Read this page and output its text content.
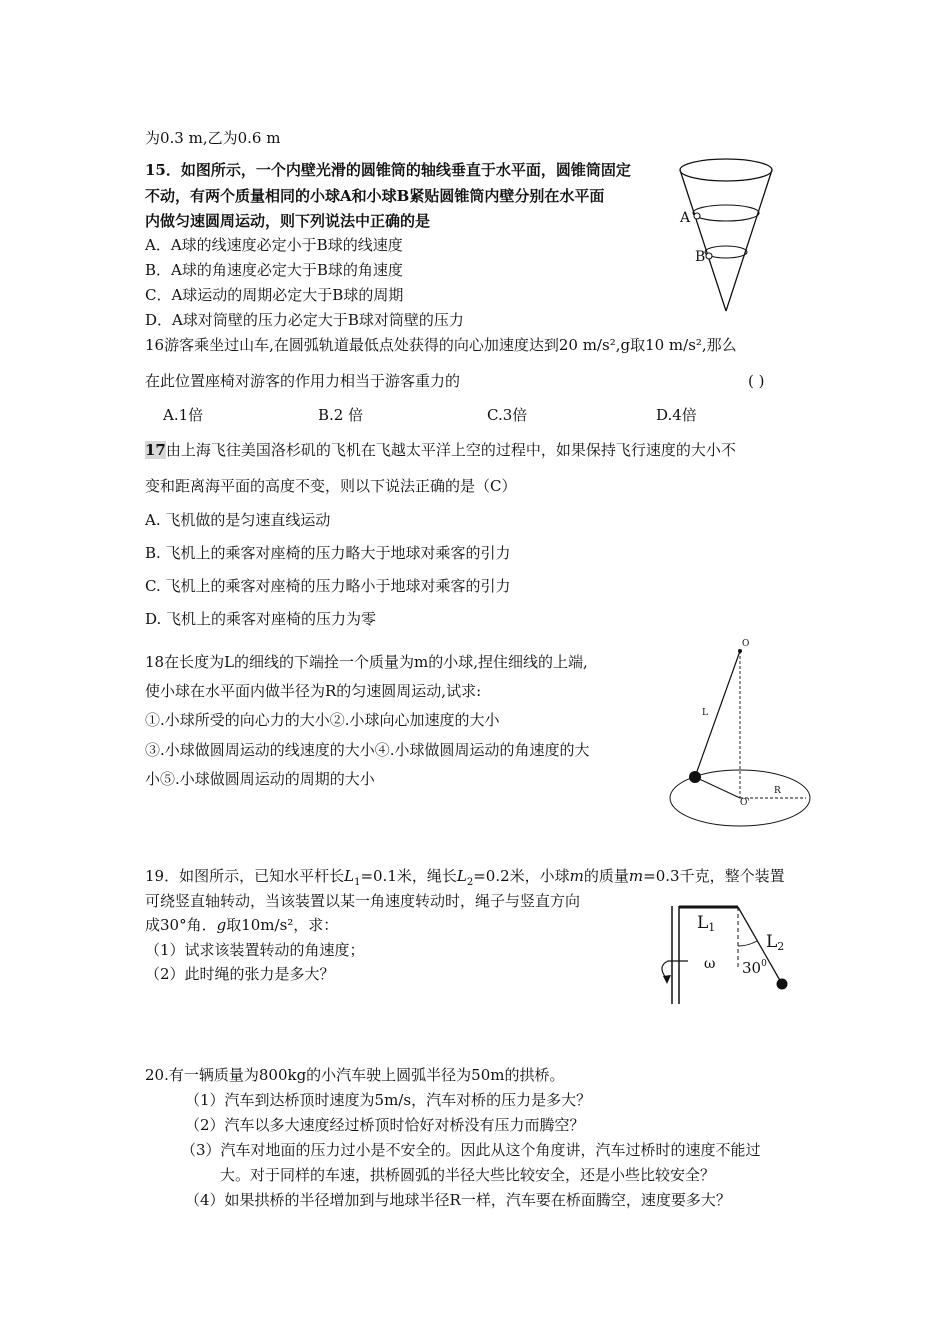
为0.3 m,乙为0.6 m
15．如图所示，一个内壁光滑的圆锥筒的轴线垂直于水平面，圆锥筒固定
不动，有两个质量相同的小球A和小球B紧贴圆锥筒内壁分别在水平面
内做匀速圆周运动，则下列说法中正确的是
A．A球的线速度必定小于B球的线速度
B．A球的角速度必定大于B球的角速度
C．A球运动的周期必定大于B球的周期
D．A球对筒壁的压力必定大于B球对筒壁的压力
A
B
16游客乘坐过山车,在圆弧轨道最低点处获得的向心加速度达到20 m/s²,g取10 m/s²,那么
在此位置座椅对游客的作用力相当于游客重力的	( )
A.1倍	B.2 倍	C.3倍	D.4倍
17由上海飞往美国洛杉矶的飞机在飞越太平洋上空的过程中，如果保持飞行速度的大小不
变和距离海平面的高度不变，则以下说法正确的是（C）
A. 飞机做的是匀速直线运动
B. 飞机上的乘客对座椅的压力略大于地球对乘客的引力
C. 飞机上的乘客对座椅的压力略小于地球对乘客的引力
D. 飞机上的乘客对座椅的压力为零
18在长度为L的细线的下端拴一个质量为m的小球,捏住细线的上端,
使小球在水平面内做半径为R的匀速圆周运动,试求:
①.小球所受的向心力的大小②.小球向心加速度的大小
③.小球做圆周运动的线速度的大小④.小球做圆周运动的角速度的大
小⑤.小球做圆周运动的周期的大小
O
L
R
O'
19．如图所示，已知水平杆长$L_1=0.1$米，绳长$L_2=0.2$米，小球m的质量m=0.3千克，整个装置
可绕竖直轴转动，当该装置以某一角速度转动时，绳子与竖直方向
成30°角．g取10m/s²，求：
（1）试求该装置转动的角速度；
（2）此时绳的张力是多大？
L1
L2
ω $30^0$
20.有一辆质量为800kg的小汽车驶上圆弧半径为50m的拱桥。
（1）汽车到达桥顶时速度为5m/s，汽车对桥的压力是多大？
（2）汽车以多大速度经过桥顶时恰好对桥没有压力而腾空？
（3）汽车对地面的压力过小是不安全的。因此从这个角度讲，汽车过桥时的速度不能过
大。对于同样的车速，拱桥圆弧的半径大些比较安全，还是小些比较安全？
（4）如果拱桥的半径增加到与地球半径R一样，汽车要在桥面腾空，速度要多大？
